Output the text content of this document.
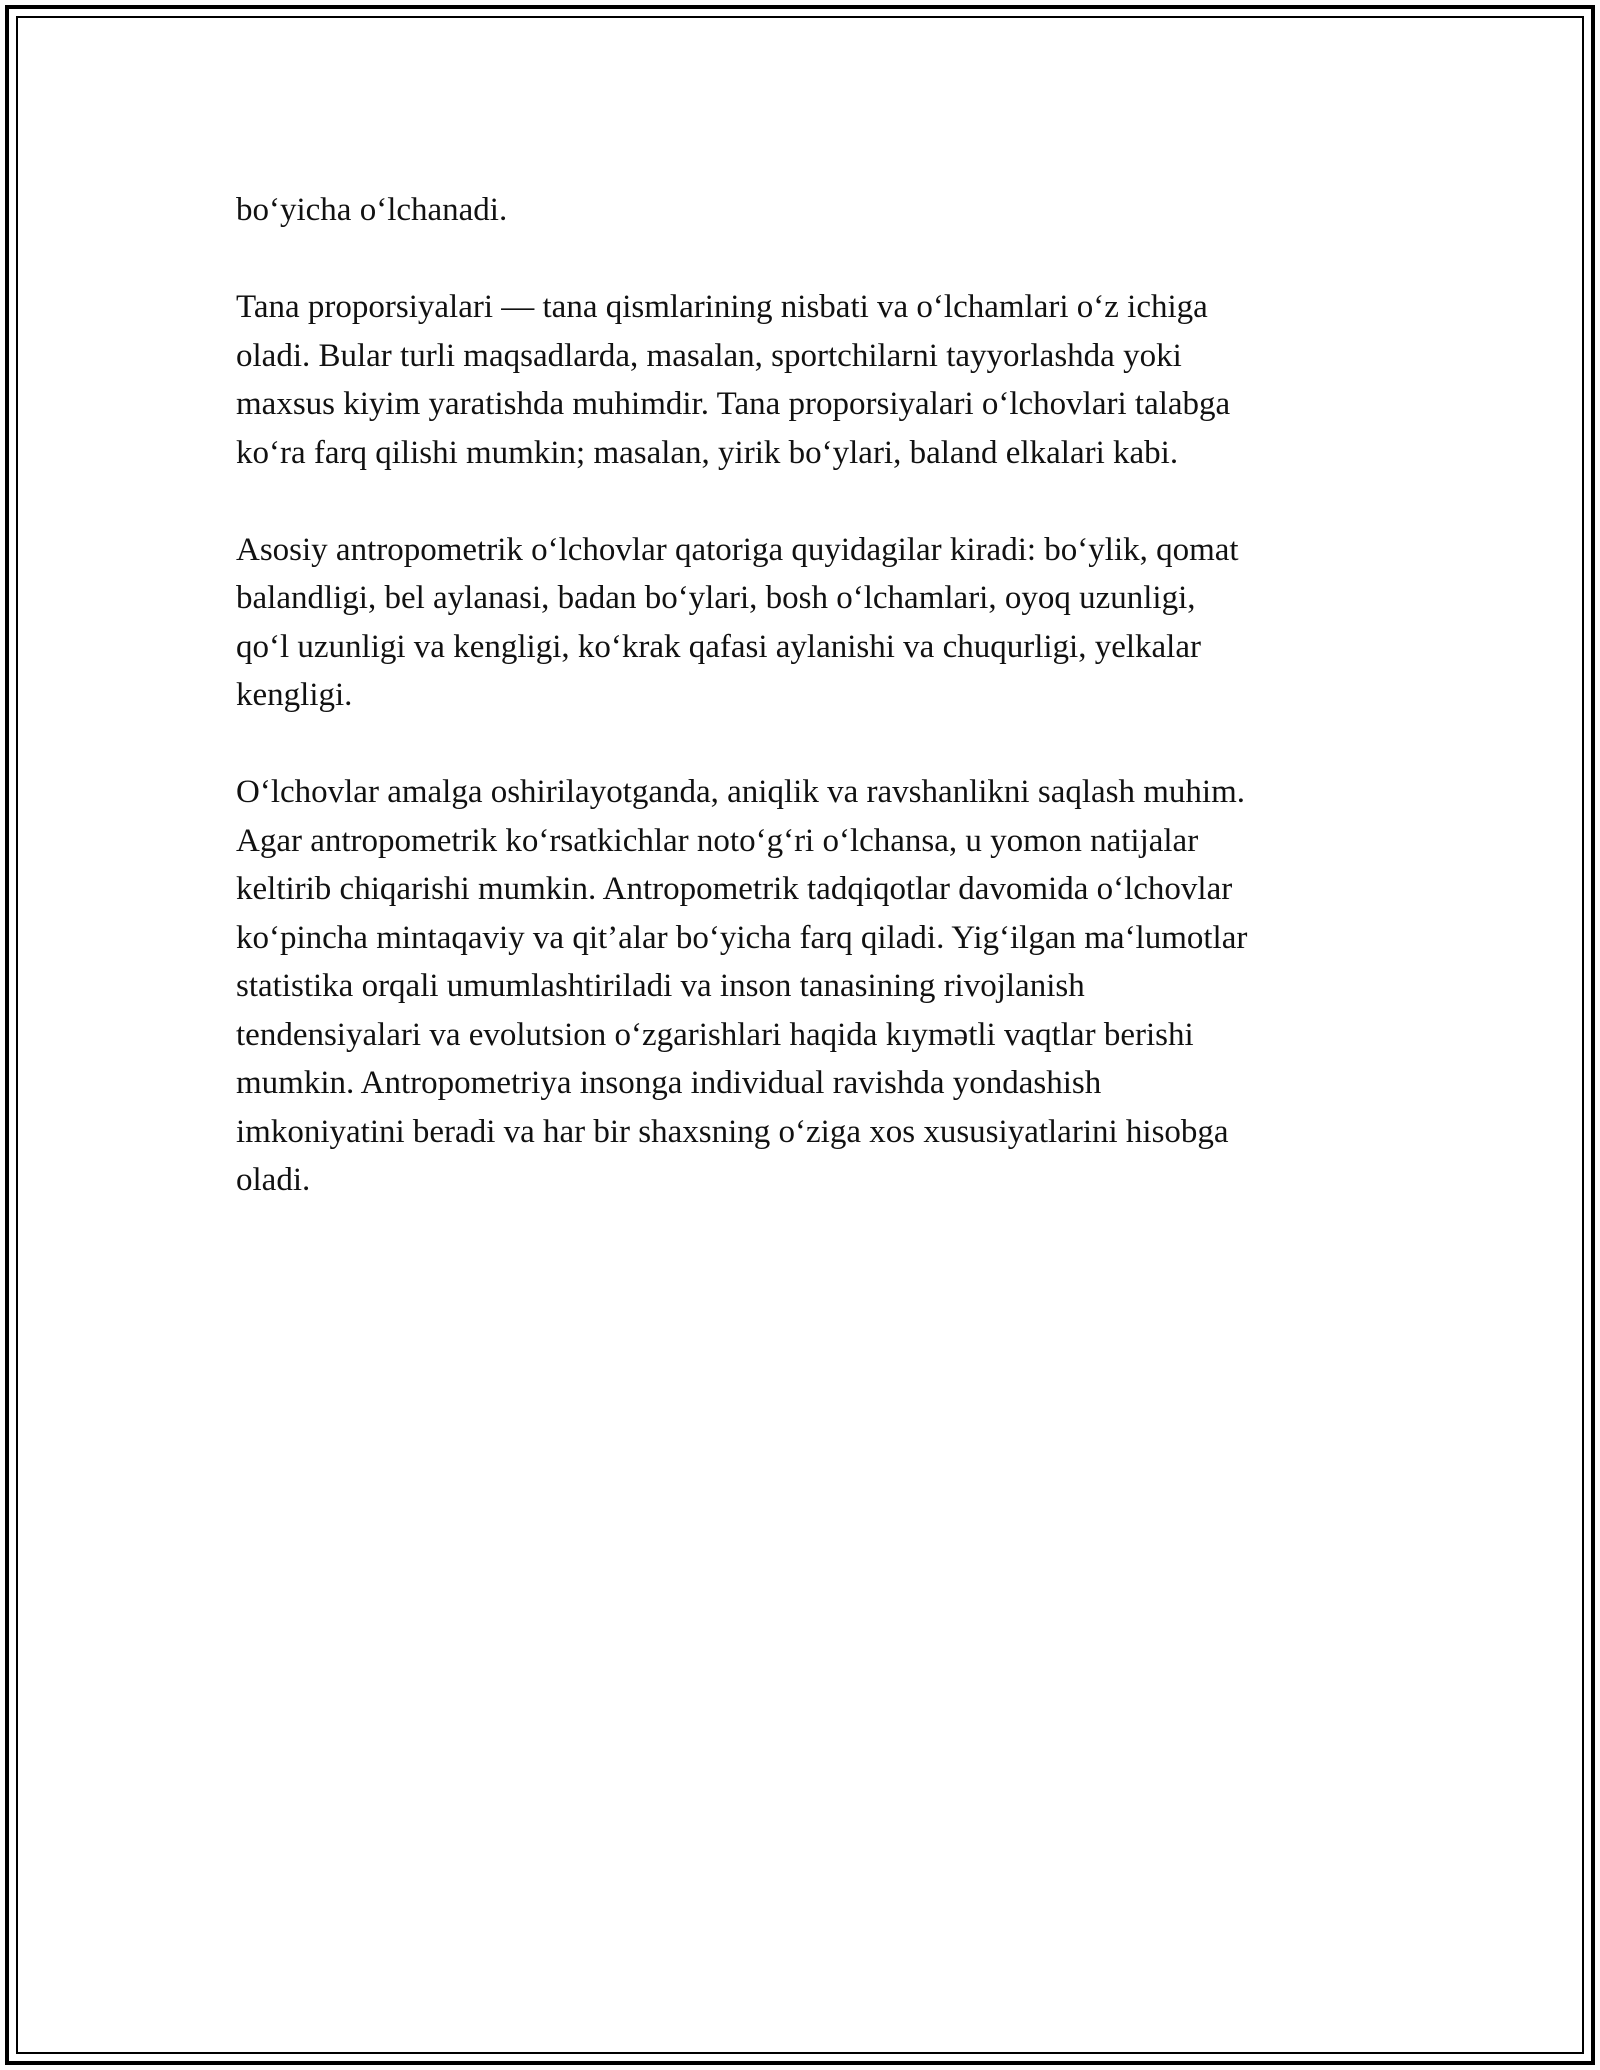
bo‘yicha o‘lchanadi.

Tana proporsiyalari — tana qismlarining nisbati va o‘lchamlari o‘z ichiga
oladi. Bular turli maqsadlarda, masalan, sportchilarni tayyorlashda yoki
maxsus kiyim yaratishda muhimdir. Tana proporsiyalari o‘lchovlari talabga
ko‘ra farq qilishi mumkin; masalan, yirik bo‘ylari, baland elkalari kabi.

Asosiy antropometrik o‘lchovlar qatoriga quyidagilar kiradi: bo‘ylik, qomat
balandligi, bel aylanasi, badan bo‘ylari, bosh o‘lchamlari, oyoq uzunligi,
qo‘l uzunligi va kengligi, ko‘krak qafasi aylanishi va chuqurligi, yelkalar
kengligi.

O‘lchovlar amalga oshirilayotganda, aniqlik va ravshanlikni saqlash muhim.
Agar antropometrik ko‘rsatkichlar noto‘g‘ri o‘lchansa, u yomon natijalar
keltirib chiqarishi mumkin. Antropometrik tadqiqotlar davomida o‘lchovlar
ko‘pincha mintaqaviy va qit’alar bo‘yicha farq qiladi. Yig‘ilgan ma‘lumotlar
statistika orqali umumlashtiriladi va inson tanasining rivojlanish
tendensiyalari va evolutsion o‘zgarishlari haqida kıymətli vaqtlar berishi
mumkin. Antropometriya insonga individual ravishda yondashish
imkoniyatini beradi va har bir shaxsning o‘ziga xos xususiyatlarini hisobga
oladi.
